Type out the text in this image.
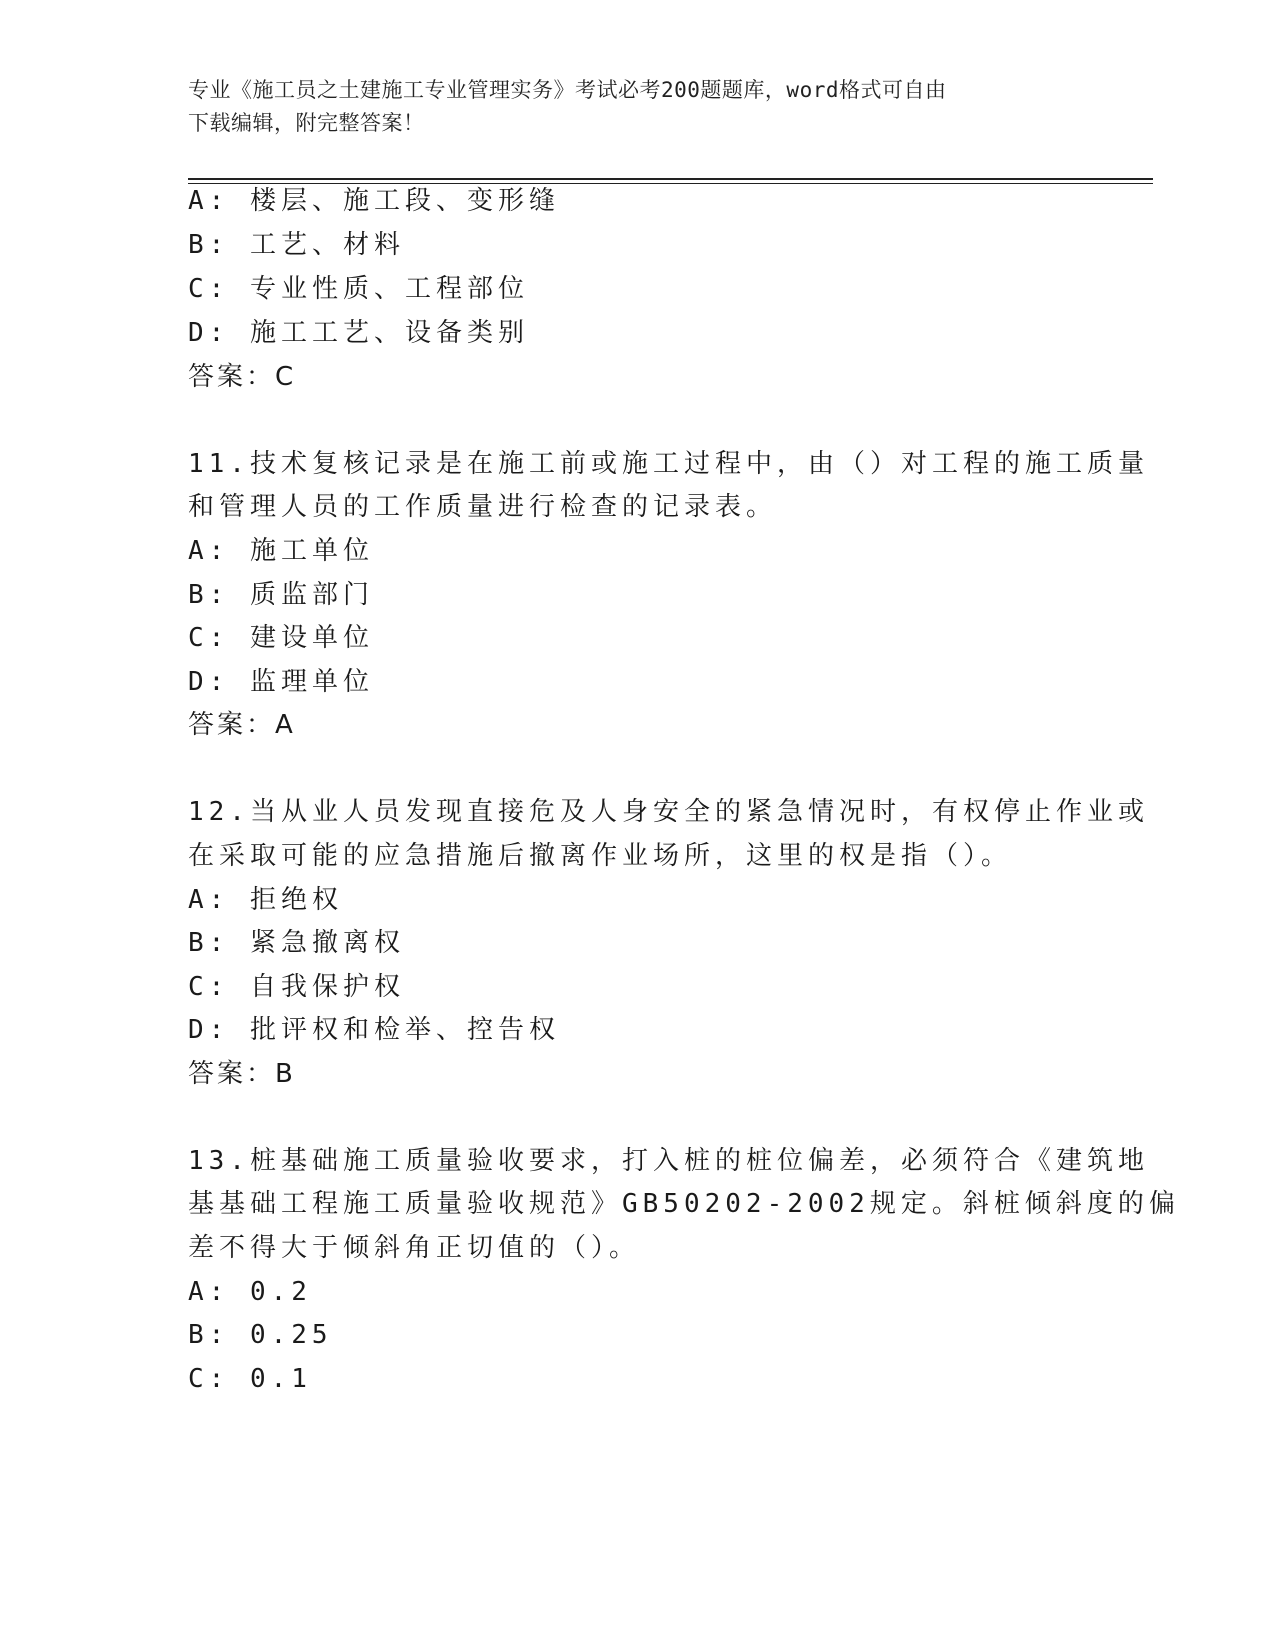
专业《施工员之土建施工专业管理实务》考试必考200题题库，word格式可自由
下载编辑，附完整答案！
A: 楼层、施工段、变形缝
B: 工艺、材料
C: 专业性质、工程部位
D: 施工工艺、设备类别
答案：C
11.技术复核记录是在施工前或施工过程中，由（）对工程的施工质量
和管理人员的工作质量进行检查的记录表。
A: 施工单位
B: 质监部门
C: 建设单位
D: 监理单位
答案：A
12.当从业人员发现直接危及人身安全的紧急情况时，有权停止作业或
在采取可能的应急措施后撤离作业场所，这里的权是指（）。
A: 拒绝权
B: 紧急撤离权
C: 自我保护权
D: 批评权和检举、控告权
答案：B
13.桩基础施工质量验收要求，打入桩的桩位偏差，必须符合《建筑地
基基础工程施工质量验收规范》GB50202-2002规定。斜桩倾斜度的偏
差不得大于倾斜角正切值的（）。
A: 0.2
B: 0.25
C: 0.1
